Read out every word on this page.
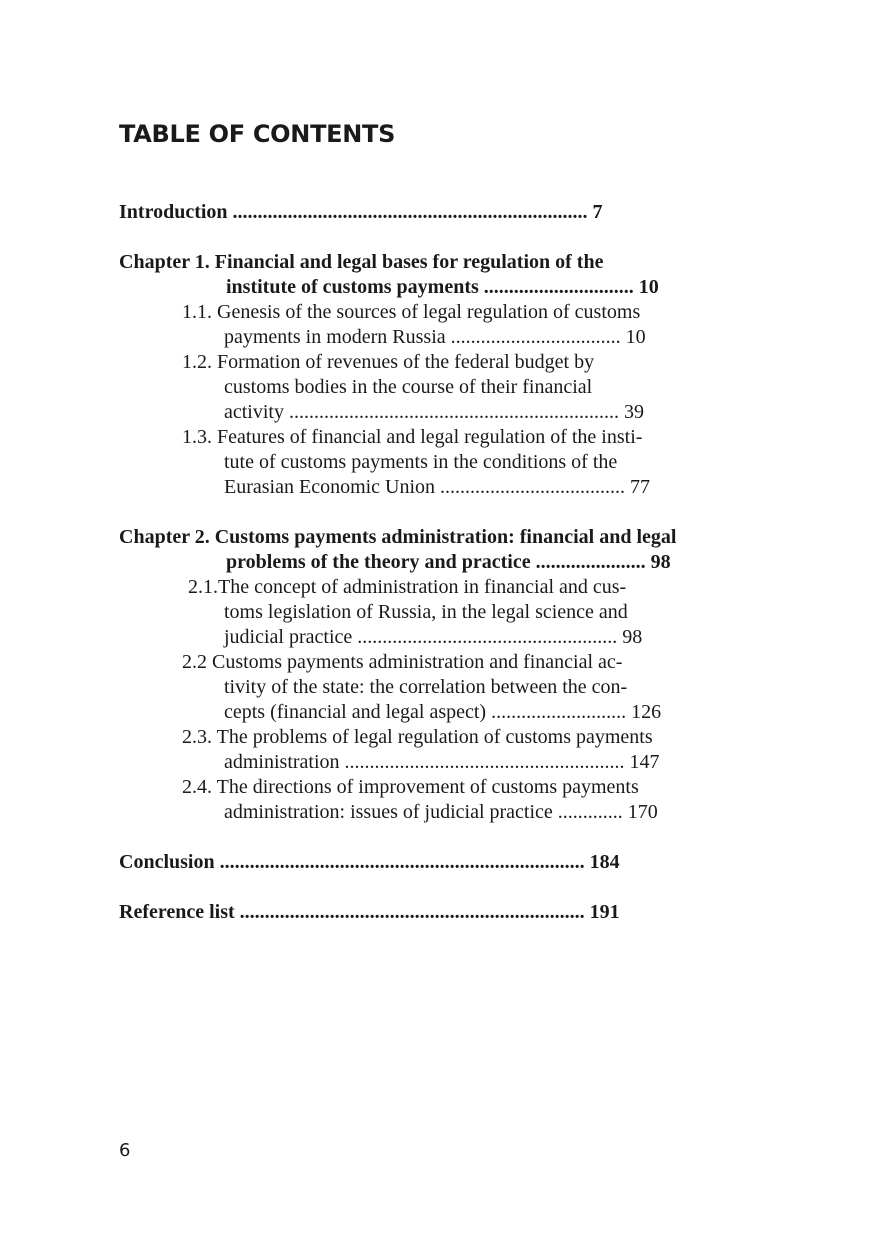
TABLE OF CONTENTS
Introduction ....................................................................... 7
Chapter 1. Financial and legal bases for regulation of the
institute of customs payments .............................. 10
1.1. Genesis of the sources of legal regulation of customs
payments in modern Russia .................................. 10
1.2. Formation of revenues of the federal budget by
customs bodies in the course of their financial
activity .................................................................. 39
1.3. Features of financial and legal regulation of the insti-
tute of customs payments in the conditions of the
Eurasian Economic Union ..................................... 77
Chapter 2. Customs payments administration: financial and legal
problems of the theory and practice ...................... 98
2.1.The concept of administration in financial and cus-
toms legislation of Russia, in the legal science and
judicial practice .................................................... 98
2.2 Customs payments administration and financial ac-
tivity of the state: the correlation between the con-
cepts (financial and legal aspect) ........................... 126
2.3. The problems of legal regulation of customs payments
administration ........................................................ 147
2.4. The directions of improvement of customs payments
administration: issues of judicial practice ............. 170
Conclusion ......................................................................... 184
Reference list ..................................................................... 191
6
